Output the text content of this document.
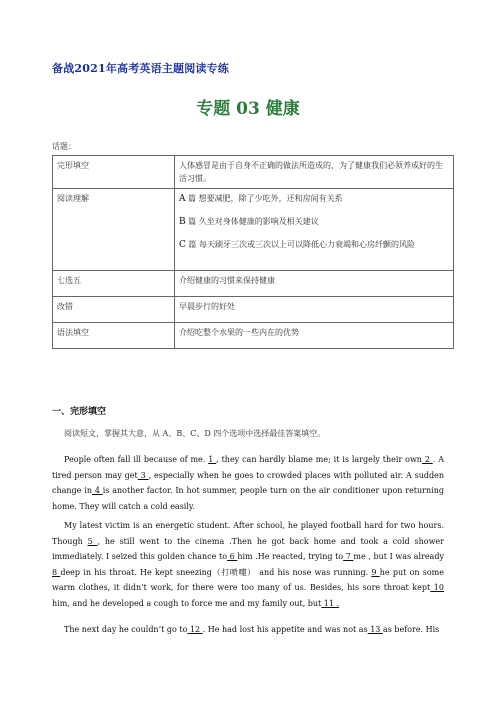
备战2021年高考英语主题阅读专练
专题 03 健康
话题：
完形填空	人体感冒是由于自身不正确的做法所造成的，为了健康我们必须养成好的生活习惯。
阅读理解	A 篇 想要减肥，除了少吃外，还和房间有关系
B 篇 久坐对身体健康的影响及相关建议
C 篇 每天刷牙三次或三次以上可以降低心力衰竭和心房纤颤的风险

七选五	介绍健康的习惯来保持健康
改错	早晨步行的好处
语法填空	介绍吃整个水果的一些内在的优势
一、完形填空
阅读短文，掌握其大意，从 A、B、C、D 四个选项中选择最佳答案填空。

People often fall ill because of me. 1 , they can hardly blame me; it is largely their own 2 . A tired person may get 3 , especially when he goes to crowded places with polluted air. A sudden change in 4 is another factor. In hot summer, people turn on the air conditioner upon returning home. They will catch a cold easily.

My latest victim is an energetic student. After school, he played football hard for two hours. Though 5 , he still went to the cinema .Then he got back home and took a cold shower immediately. I seized this golden chance to 6 him .He reacted, trying to 7 me , but I was already 8 deep in his throat. He kept sneezing（打喷嚏） and his nose was running. 9 he put on some warm clothes, it didn’t work, for there were too many of us. Besides, his sore throat kept 10 him, and he developed a cough to force me and my family out, but 11 .

The next day he couldn’t go to 12 . He had lost his appetite and was not as 13 as before. His
